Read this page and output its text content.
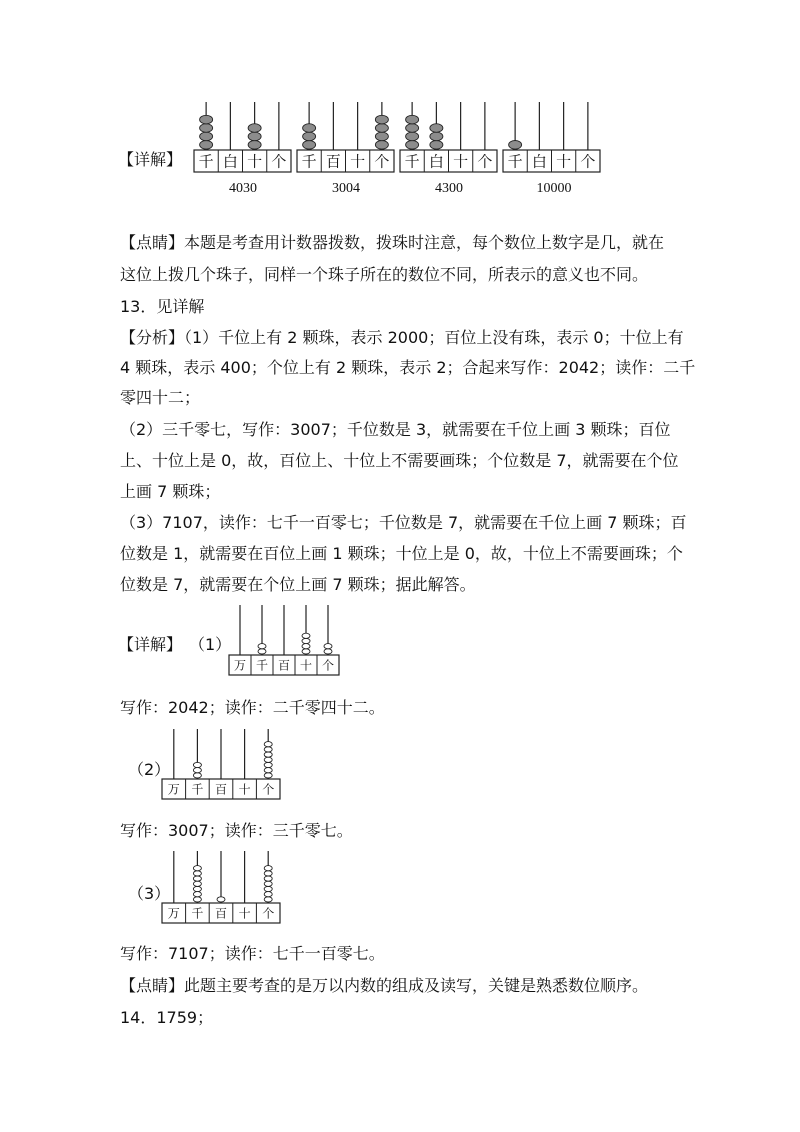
【详解】 千 白 十 个
4030
千 百 十 个
3004
千 白 十 个
4300
千 白 十 个
10000
【点睛】本题是考查用计数器拨数，拨珠时注意，每个数位上数字是几，就在
这位上拨几个珠子，同样一个珠子所在的数位不同，所表示的意义也不同。
13．见详解
【分析】（1）千位上有 2 颗珠，表示 2000；百位上没有珠，表示 0；十位上有
4 颗珠，表示 400；个位上有 2 颗珠，表示 2；合起来写作：2042；读作：二千
零四十二；
（2）三千零七，写作：3007；千位数是 3，就需要在千位上画 3 颗珠；百位
上、十位上是 0，故，百位上、十位上不需要画珠；个位数是 7，就需要在个位
上画 7 颗珠；
（3）7107，读作：七千一百零七；千位数是 7，就需要在千位上画 7 颗珠；百
位数是 1，就需要在百位上画 1 颗珠；十位上是 0，故，十位上不需要画珠；个
位数是 7，就需要在个位上画 7 颗珠；据此解答。
【详解】 （1）
万 千 百 十 个
写作：2042；读作：二千零四十二。
（2）
万 千 百 十 个
写作：3007；读作：三千零七。
（3）
万 千 百 十 个
写作：7107；读作：七千一百零七。
【点睛】此题主要考查的是万以内数的组成及读写，关键是熟悉数位顺序。
14．1759；
